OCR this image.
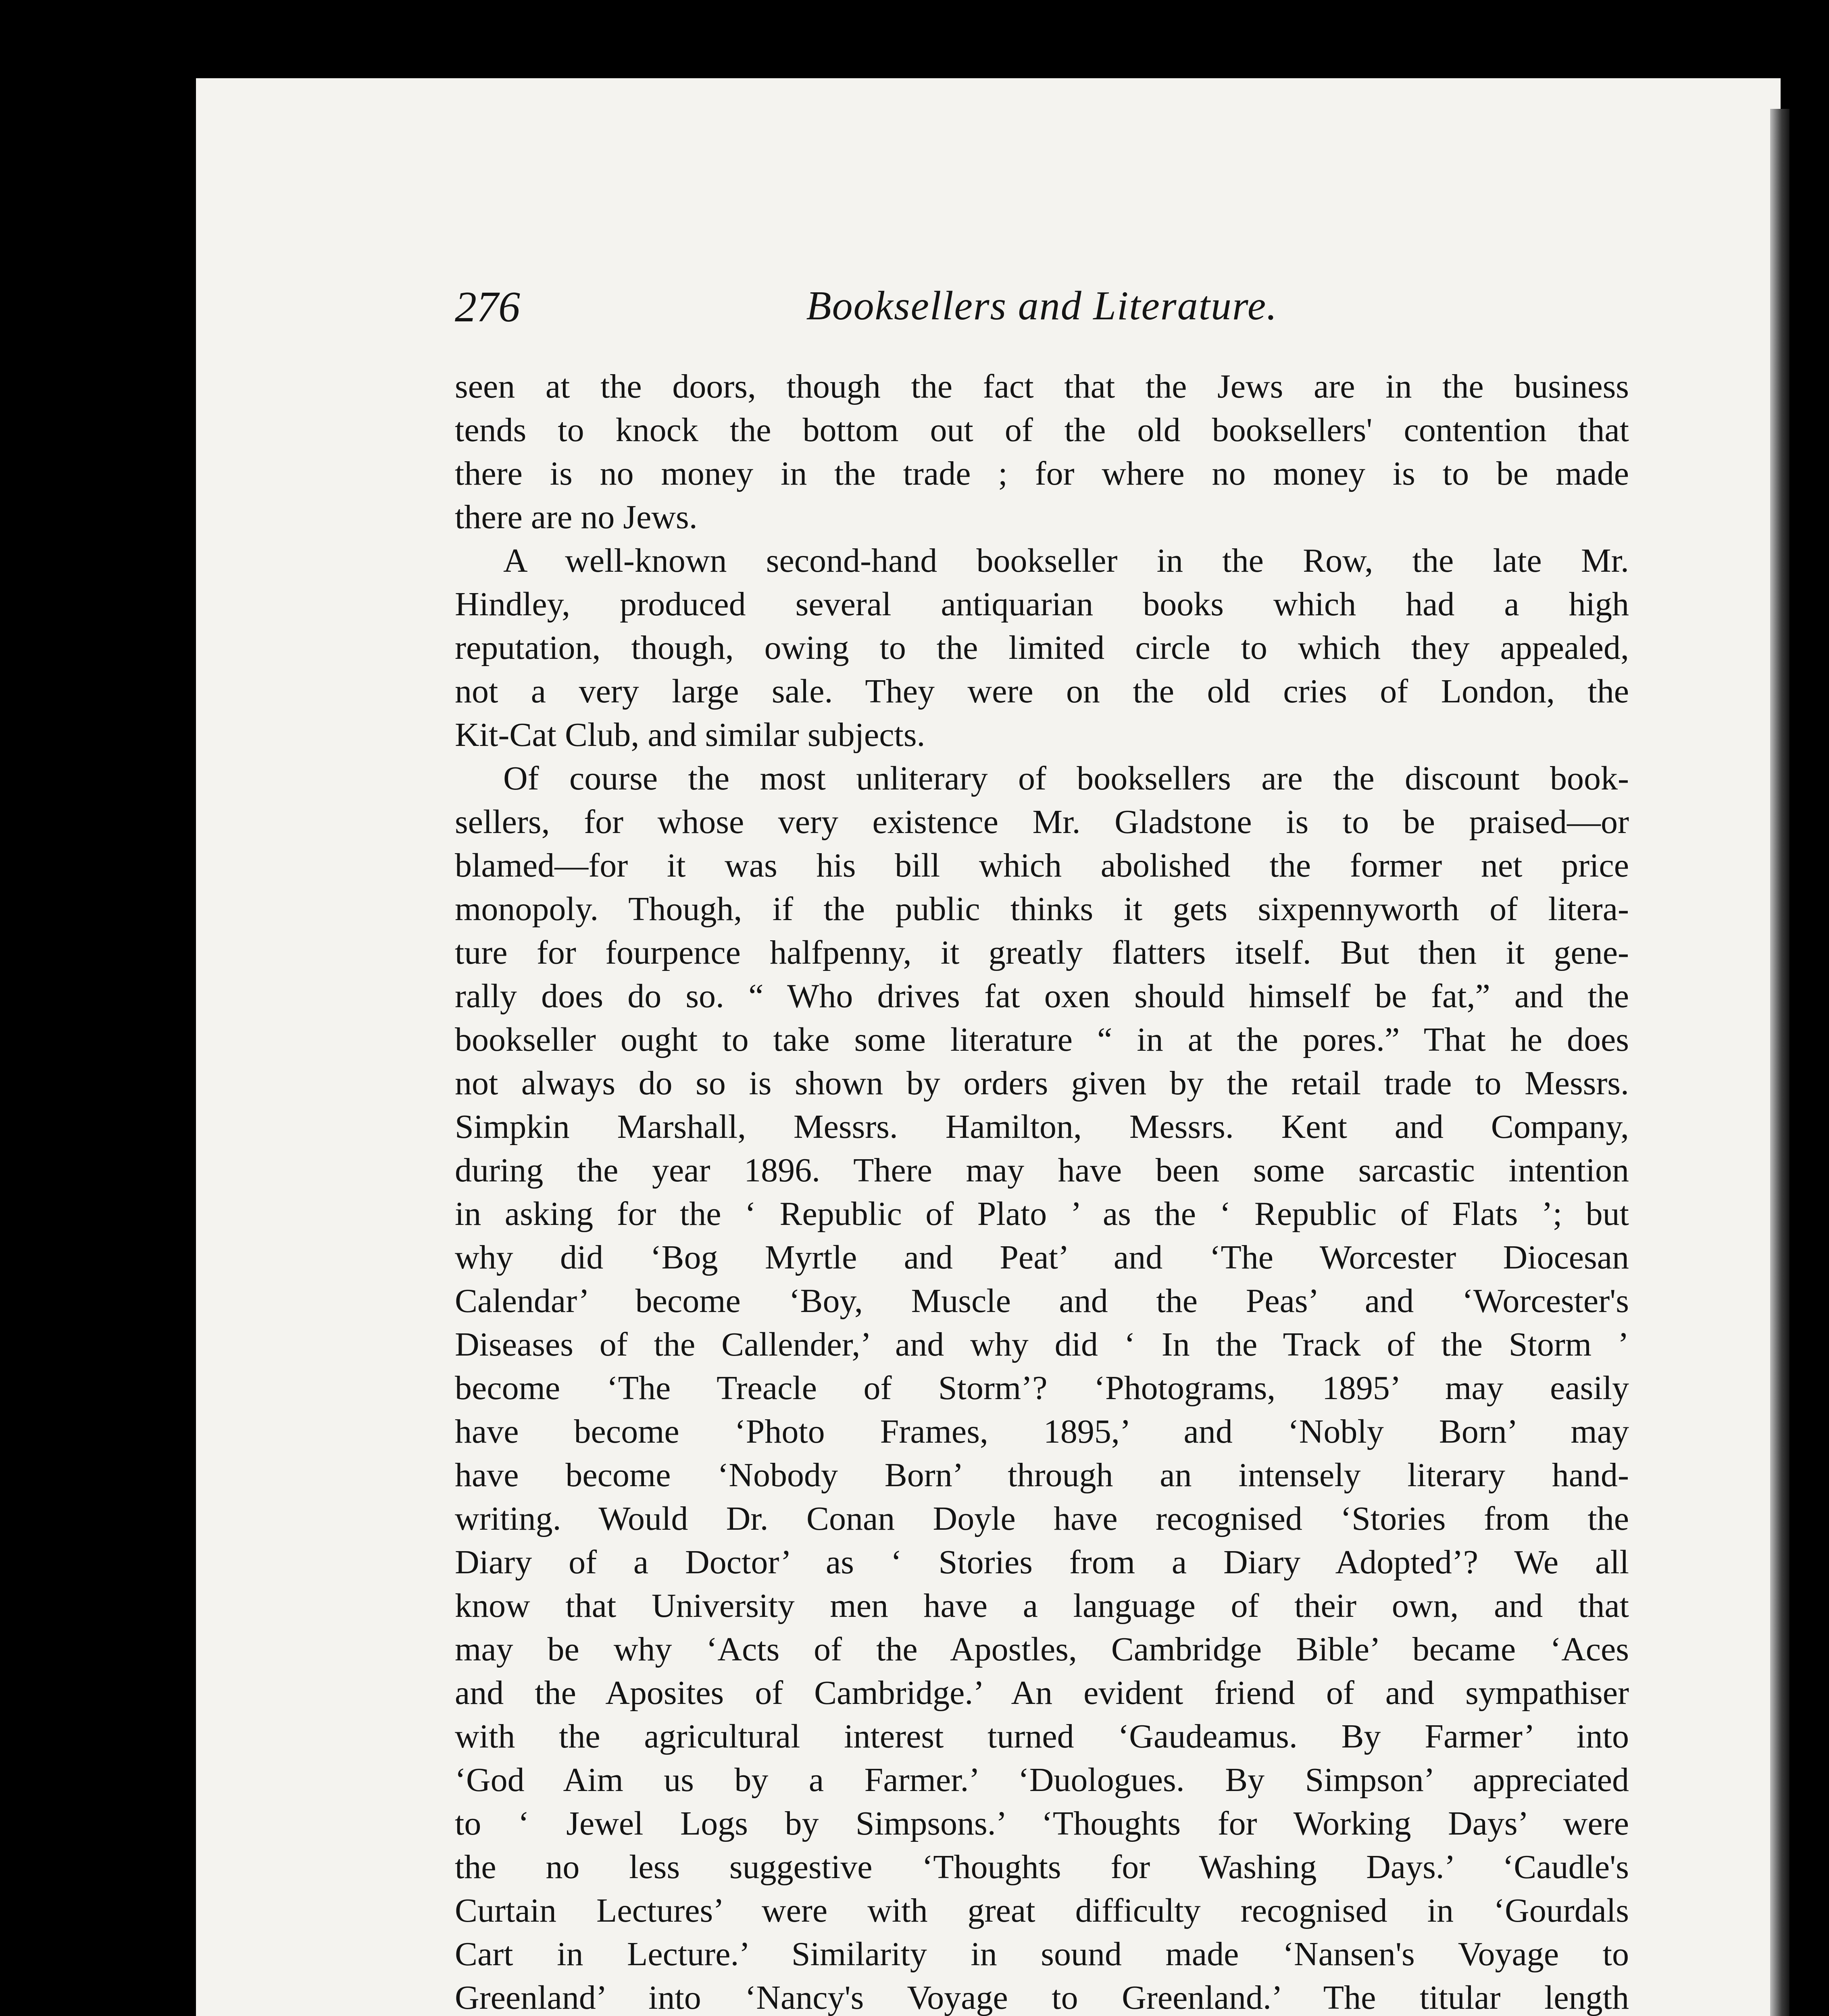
276	Booksellers and Literature.
seen at the doors, though the fact that the Jews are in the business
tends to knock the bottom out of the old booksellers' contention that
there is no money in the trade ; for where no money is to be made
there are no Jews.
A well-known second-hand bookseller in the Row, the late Mr.
Hindley, produced several antiquarian books which had a high
reputation, though, owing to the limited circle to which they appealed,
not a very large sale. They were on the old cries of London, the
Kit-Cat Club, and similar subjects.
Of course the most unliterary of booksellers are the discount book-
sellers, for whose very existence Mr. Gladstone is to be praised—or
blamed—for it was his bill which abolished the former net price
monopoly. Though, if the public thinks it gets sixpennyworth of litera-
ture for fourpence halfpenny, it greatly flatters itself. But then it gene-
rally does do so. “ Who drives fat oxen should himself be fat,” and the
bookseller ought to take some literature “ in at the pores.” That he does
not always do so is shown by orders given by the retail trade to Messrs.
Simpkin Marshall, Messrs. Hamilton, Messrs. Kent and Company,
during the year 1896. There may have been some sarcastic intention
in asking for the ‘ Republic of Plato ’ as the ‘ Republic of Flats ’; but
why did ‘Bog Myrtle and Peat’ and ‘The Worcester Diocesan
Calendar’ become ‘Boy, Muscle and the Peas’ and ‘Worcester's
Diseases of the Callender,’ and why did ‘ In the Track of the Storm ’
become ‘The Treacle of Storm’? ‘Photograms, 1895’ may easily
have become ‘Photo Frames, 1895,’ and ‘Nobly Born’ may
have become ‘Nobody Born’ through an intensely literary hand-
writing. Would Dr. Conan Doyle have recognised ‘Stories from the
Diary of a Doctor’ as ‘ Stories from a Diary Adopted’? We all
know that University men have a language of their own, and that
may be why ‘Acts of the Apostles, Cambridge Bible’ became ‘Aces
and the Aposites of Cambridge.’ An evident friend of and sympathiser
with the agricultural interest turned ‘Gaudeamus. By Farmer’ into
‘God Aim us by a Farmer.’ ‘Duologues. By Simpson’ appreciated
to ‘ Jewel Logs by Simpsons.’ ‘Thoughts for Working Days’ were
the no less suggestive ‘Thoughts for Washing Days.’ ‘Caudle's
Curtain Lectures’ were with great difficulty recognised in ‘Gourdals
Cart in Lecture.’ Similarity in sound made ‘Nansen's Voyage to
Greenland’ into ‘Nancy's Voyage to Greenland.’ The titular length
